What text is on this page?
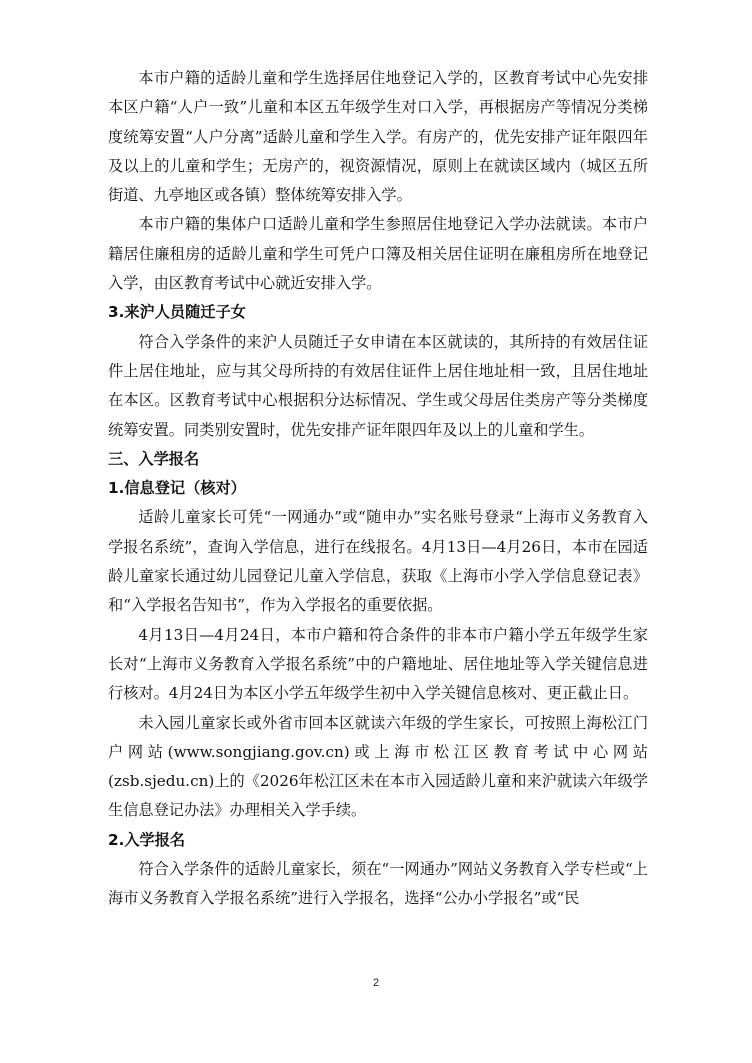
本市户籍的适龄儿童和学生选择居住地登记入学的，区教育考试中心先安排本区户籍“人户一致”儿童和本区五年级学生对口入学，再根据房产等情况分类梯度统筹安置“人户分离”适龄儿童和学生入学。有房产的，优先安排产证年限四年及以上的儿童和学生；无房产的，视资源情况，原则上在就读区域内（城区五所街道、九亭地区或各镇）整体统筹安排入学。

本市户籍的集体户口适龄儿童和学生参照居住地登记入学办法就读。本市户籍居住廉租房的适龄儿童和学生可凭户口簿及相关居住证明在廉租房所在地登记入学，由区教育考试中心就近安排入学。

3.来沪人员随迁子女

符合入学条件的来沪人员随迁子女申请在本区就读的，其所持的有效居住证件上居住地址，应与其父母所持的有效居住证件上居住地址相一致，且居住地址在本区。区教育考试中心根据积分达标情况、学生或父母居住类房产等分类梯度统筹安置。同类别安置时，优先安排产证年限四年及以上的儿童和学生。

三、入学报名

1.信息登记（核对）

适龄儿童家长可凭“一网通办”或“随申办”实名账号登录“上海市义务教育入学报名系统”，查询入学信息，进行在线报名。4月13日—4月26日，本市在园适龄儿童家长通过幼儿园登记儿童入学信息，获取《上海市小学入学信息登记表》和“入学报名告知书”，作为入学报名的重要依据。

4月13日—4月24日，本市户籍和符合条件的非本市户籍小学五年级学生家长对“上海市义务教育入学报名系统”中的户籍地址、居住地址等入学关键信息进行核对。4月24日为本区小学五年级学生初中入学关键信息核对、更正截止日。

未入园儿童家长或外省市回本区就读六年级的学生家长，可按照上海松江门户网站(www.songjiang.gov.cn)或上海市松江区教育考试中心网站(zsb.sjedu.cn)上的《2026年松江区未在本市入园适龄儿童和来沪就读六年级学生信息登记办法》办理相关入学手续。

2.入学报名

符合入学条件的适龄儿童家长，须在“一网通办”网站义务教育入学专栏或“上海市义务教育入学报名系统”进行入学报名，选择“公办小学报名”或“民

2
